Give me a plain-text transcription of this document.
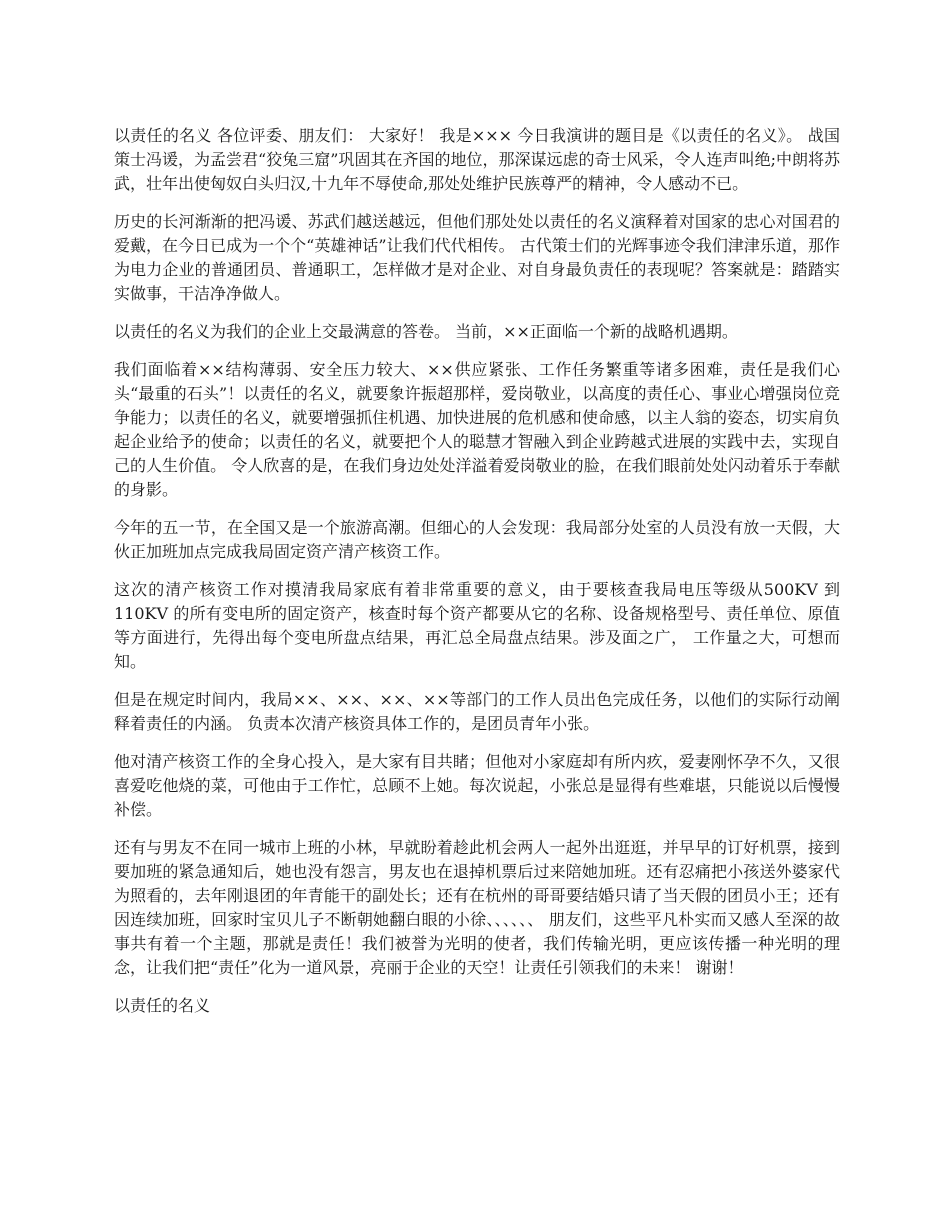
以责任的名义 各位评委、朋友们： 大家好！ 我是××× 今日我演讲的题目是《以责任的名义》。 战国策士冯谖，为孟尝君“狡兔三窟”巩固其在齐国的地位，那深谋远虑的奇士风采，令人连声叫绝;中朗将苏武，壮年出使匈奴白头归汉,十九年不辱使命,那处处维护民族尊严的精神，令人感动不已。

历史的长河渐渐的把冯谖、苏武们越送越远，但他们那处处以责任的名义演释着对国家的忠心对国君的爱戴，在今日已成为一个个“英雄神话”让我们代代相传。 古代策士们的光辉事迹令我们津津乐道，那作为电力企业的普通团员、普通职工，怎样做才是对企业、对自身最负责任的表现呢？答案就是：踏踏实实做事，干洁净净做人。

以责任的名义为我们的企业上交最满意的答卷。 当前，××正面临一个新的战略机遇期。

我们面临着××结构薄弱、安全压力较大、××供应紧张、工作任务繁重等诸多困难，责任是我们心头“最重的石头”！以责任的名义，就要象许振超那样，爱岗敬业，以高度的责任心、事业心增强岗位竞争能力；以责任的名义，就要增强抓住机遇、加快进展的危机感和使命感，以主人翁的姿态，切实肩负起企业给予的使命；以责任的名义，就要把个人的聪慧才智融入到企业跨越式进展的实践中去，实现自己的人生价值。 令人欣喜的是，在我们身边处处洋溢着爱岗敬业的脸，在我们眼前处处闪动着乐于奉献的身影。

今年的五一节，在全国又是一个旅游高潮。但细心的人会发现：我局部分处室的人员没有放一天假，大伙正加班加点完成我局固定资产清产核资工作。

这次的清产核资工作对摸清我局家底有着非常重要的意义，由于要核查我局电压等级从500KV 到 110KV 的所有变电所的固定资产，核查时每个资产都要从它的名称、设备规格型号、责任单位、原值等方面进行，先得出每个变电所盘点结果，再汇总全局盘点结果。涉及面之广， 工作量之大，可想而知。

但是在规定时间内，我局××、××、××、××等部门的工作人员出色完成任务，以他们的实际行动阐释着责任的内涵。 负责本次清产核资具体工作的，是团员青年小张。

他对清产核资工作的全身心投入，是大家有目共睹；但他对小家庭却有所内疚，爱妻刚怀孕不久，又很喜爱吃他烧的菜，可他由于工作忙，总顾不上她。每次说起，小张总是显得有些难堪，只能说以后慢慢补偿。

还有与男友不在同一城市上班的小林，早就盼着趁此机会两人一起外出逛逛，并早早的订好机票，接到要加班的紧急通知后，她也没有怨言，男友也在退掉机票后过来陪她加班。还有忍痛把小孩送外婆家代为照看的，去年刚退团的年青能干的副处长；还有在杭州的哥哥要结婚只请了当天假的团员小王；还有因连续加班，回家时宝贝儿子不断朝她翻白眼的小徐、、、、、、 朋友们，这些平凡朴实而又感人至深的故事共有着一个主题，那就是责任！我们被誉为光明的使者，我们传输光明，更应该传播一种光明的理念，让我们把“责任”化为一道风景，亮丽于企业的天空！让责任引领我们的未来！ 谢谢！

以责任的名义
